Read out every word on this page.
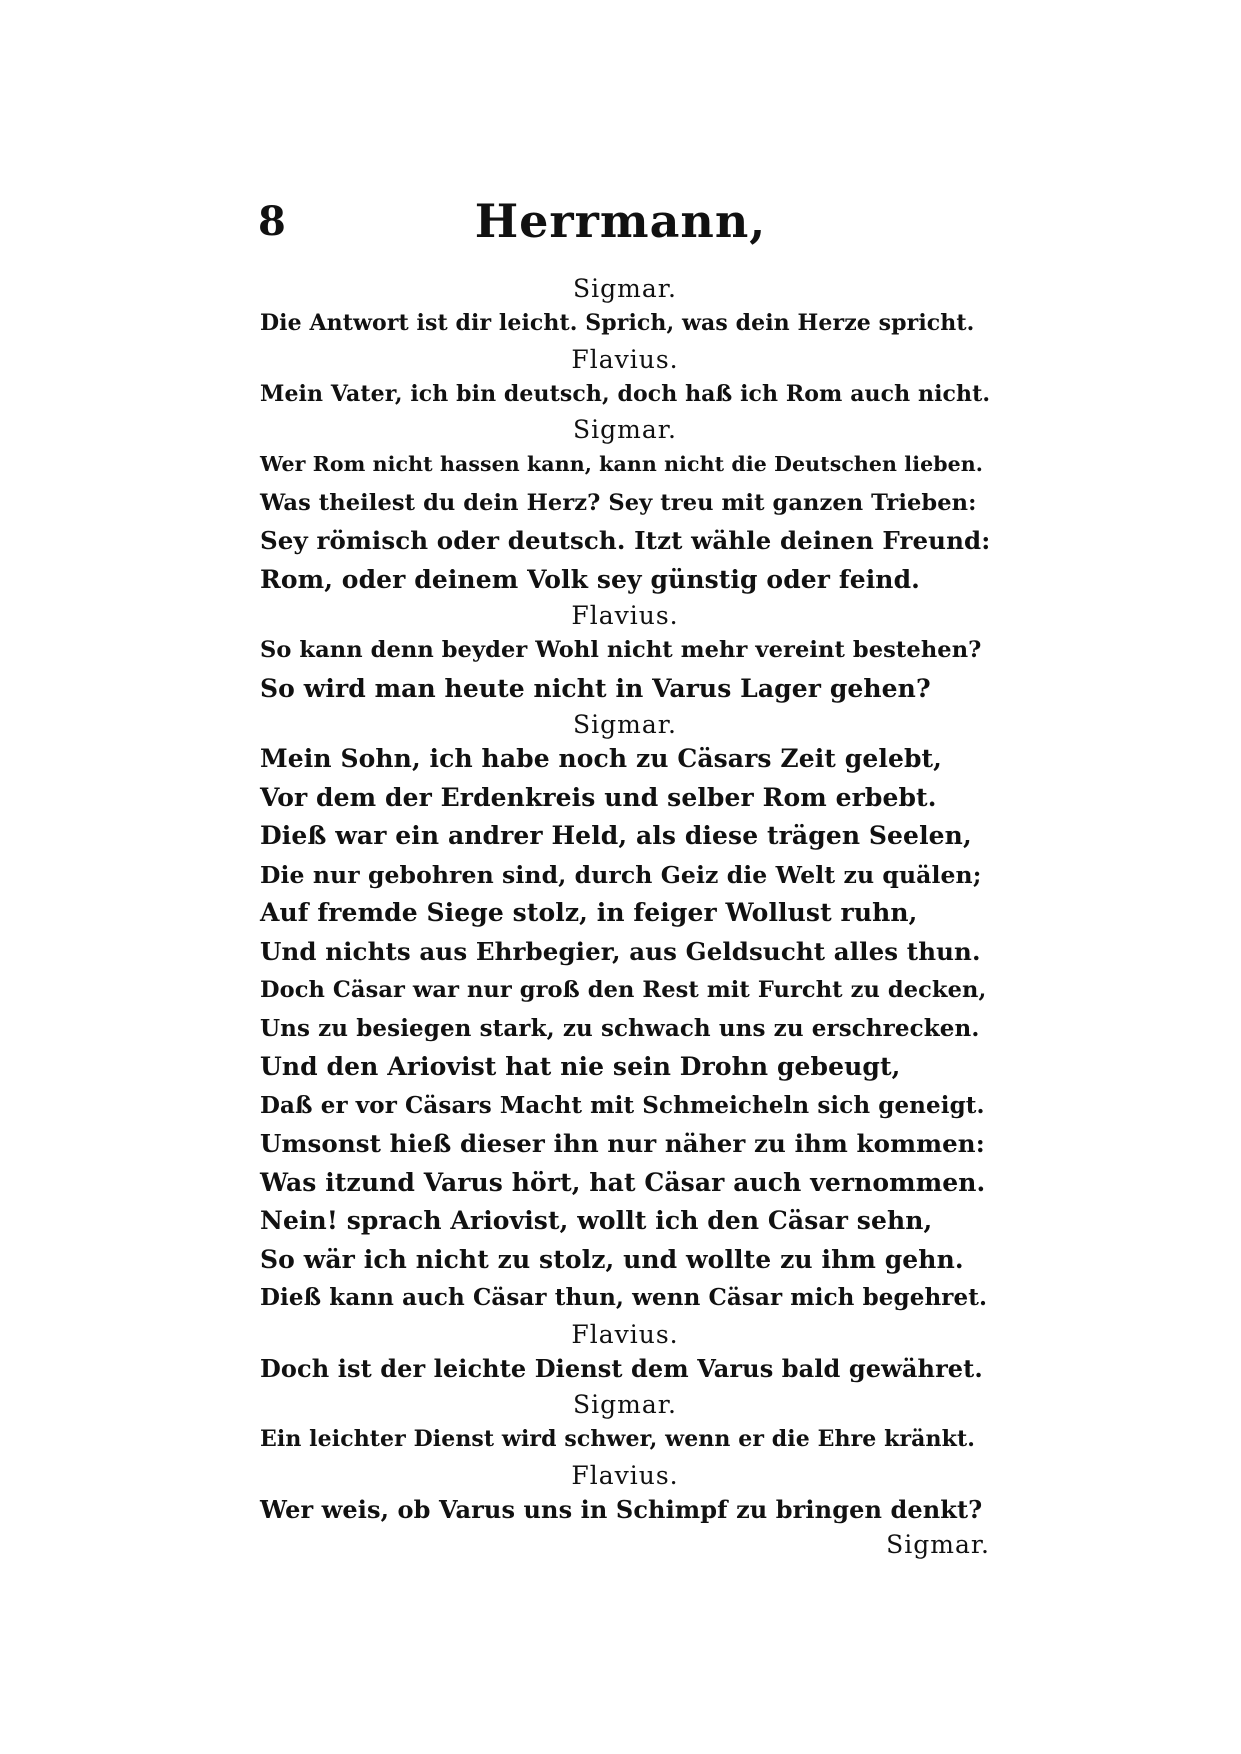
8	Herrmann,
Sigmar.
Die Antwort ist dir leicht. Sprich, was dein Herze spricht.
Flavius.
Mein Vater, ich bin deutsch, doch haß ich Rom auch nicht.
Sigmar.
Wer Rom nicht hassen kann, kann nicht die Deutschen lieben.
Was theilest du dein Herz? Sey treu mit ganzen Trieben:
Sey römisch oder deutsch. Itzt wähle deinen Freund:
Rom, oder deinem Volk sey günstig oder feind.
Flavius.
So kann denn beyder Wohl nicht mehr vereint bestehen?
So wird man heute nicht in Varus Lager gehen?
Sigmar.
Mein Sohn, ich habe noch zu Cäsars Zeit gelebt,
Vor dem der Erdenkreis und selber Rom erbebt.
Dieß war ein andrer Held, als diese trägen Seelen,
Die nur gebohren sind, durch Geiz die Welt zu quälen;
Auf fremde Siege stolz, in feiger Wollust ruhn,
Und nichts aus Ehrbegier, aus Geldsucht alles thun.
Doch Cäsar war nur groß den Rest mit Furcht zu decken,
Uns zu besiegen stark, zu schwach uns zu erschrecken.
Und den Ariovist hat nie sein Drohn gebeugt,
Daß er vor Cäsars Macht mit Schmeicheln sich geneigt.
Umsonst hieß dieser ihn nur näher zu ihm kommen:
Was itzund Varus hört, hat Cäsar auch vernommen.
Nein! sprach Ariovist, wollt ich den Cäsar sehn,
So wär ich nicht zu stolz, und wollte zu ihm gehn.
Dieß kann auch Cäsar thun, wenn Cäsar mich begehret.
Flavius.
Doch ist der leichte Dienst dem Varus bald gewähret.
Sigmar.
Ein leichter Dienst wird schwer, wenn er die Ehre kränkt.
Flavius.
Wer weis, ob Varus uns in Schimpf zu bringen denkt?
Sigmar.
